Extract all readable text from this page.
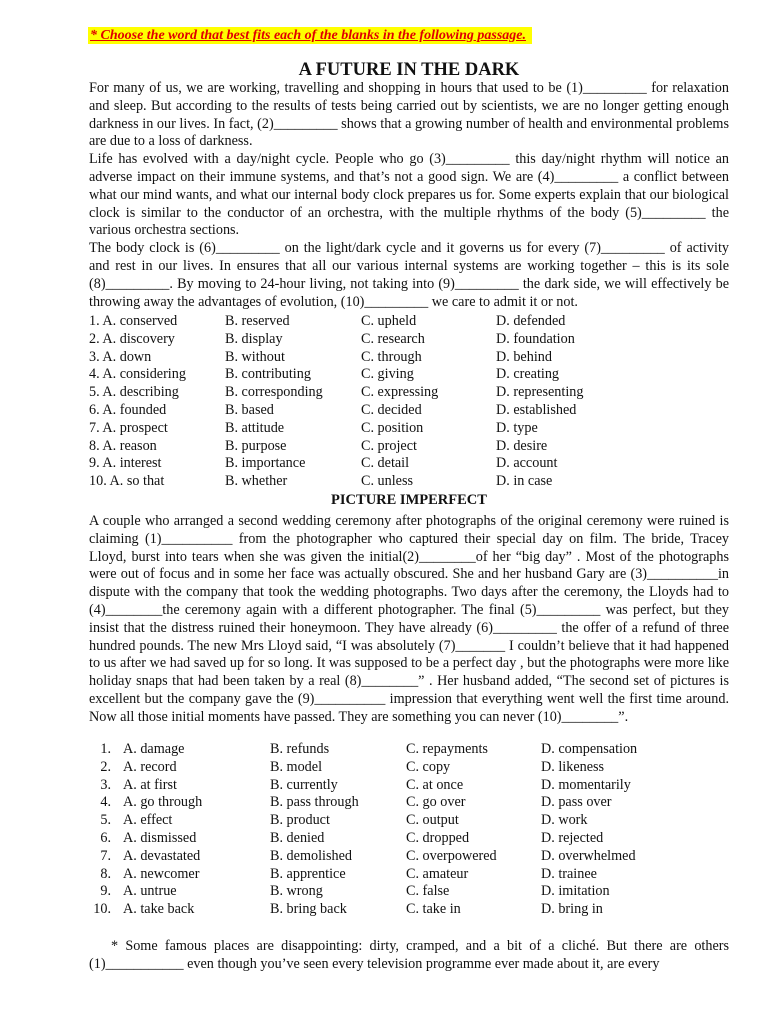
* Choose the word that best fits each of the blanks in the following passage.
A FUTURE IN THE DARK

For many of us, we are working, travelling and shopping in hours that used to be (1)_________ for relaxation and sleep. But according to the results of tests being carried out by scientists, we are no longer getting enough darkness in our lives. In fact, (2)_________ shows that a growing number of health and environmental problems are due to a loss of darkness.

Life has evolved with a day/night cycle. People who go (3)_________ this day/night rhythm will notice an adverse impact on their immune systems, and that’s not a good sign. We are (4)_________ a conflict between what our mind wants, and what our internal body clock prepares us for. Some experts explain that our biological clock is similar to the conductor of an orchestra, with the multiple rhythms of the body (5)_________ the various orchestra sections.

The body clock is (6)_________ on the light/dark cycle and it governs us for every (7)_________ of activity and rest in our lives. In ensures that all our various internal systems are working together – this is its sole (8)_________. By moving to 24-hour living, not taking into (9)_________ the dark side, we will effectively be throwing away the advantages of evolution, (10)_________ we care to admit it or not.

1. A. conserved	B. reserved	C. upheld	D. defended
2. A. discovery	B. display	C. research	D. foundation
3. A. down	B. without	C. through	D. behind
4. A. considering	B. contributing	C. giving	D. creating
5. A. describing	B. corresponding	C. expressing	D. representing
6. A. founded	B. based	C. decided	D. established
7. A. prospect	B. attitude	C. position	D. type
8. A. reason	B. purpose	C. project	D. desire
9. A. interest	B. importance	C. detail	D. account
10. A. so that	B. whether	C. unless	D. in case
PICTURE IMPERFECT

A couple who arranged a second wedding ceremony after photographs of the original ceremony were ruined is claiming (1)__________ from the photographer who captured their special day on film. The bride, Tracey Lloyd, burst into tears when she was given the initial(2)________of her “big day” . Most of the photographs were out of focus and in some her face was actually obscured. She and her husband Gary are (3)__________in dispute with the company that took the wedding photographs. Two days after the ceremony, the Lloyds had to (4)________the ceremony again with a different photographer. The final (5)_________ was perfect, but they insist that the distress ruined their honeymoon. They have already (6)_________ the offer of a refund of three hundred pounds. The new Mrs Lloyd said, “I was absolutely (7)_______ I couldn’t believe that it had happened to us after we had saved up for so long. It was supposed to be a perfect day , but the photographs were more like holiday snaps that had been taken by a real (8)________” . Her husband added, “The second set of pictures is excellent but the company gave the (9)__________ impression that everything went well the first time around. Now all those initial moments have passed. They are something you can never (10)________”.

1. A. damage	B. refunds	C. repayments	D. compensation
2. A. record	B. model	C. copy	D. likeness
3. A. at first	B. currently	C. at once	D. momentarily
4. A. go through	B. pass through	C. go over	D. pass over
5. A. effect	B. product	C. output	D. work
6. A. dismissed	B. denied	C. dropped	D. rejected
7. A. devastated	B. demolished	C. overpowered	D. overwhelmed
8. A. newcomer	B. apprentice	C. amateur	D. trainee
9. A. untrue	B. wrong	C. false	D. imitation
10. A. take back	B. bring back	C. take in	D. bring in

* Some famous places are disappointing: dirty, cramped, and a bit of a cliché. But there are others (1)___________ even though you’ve seen every television programme ever made about it, are every
